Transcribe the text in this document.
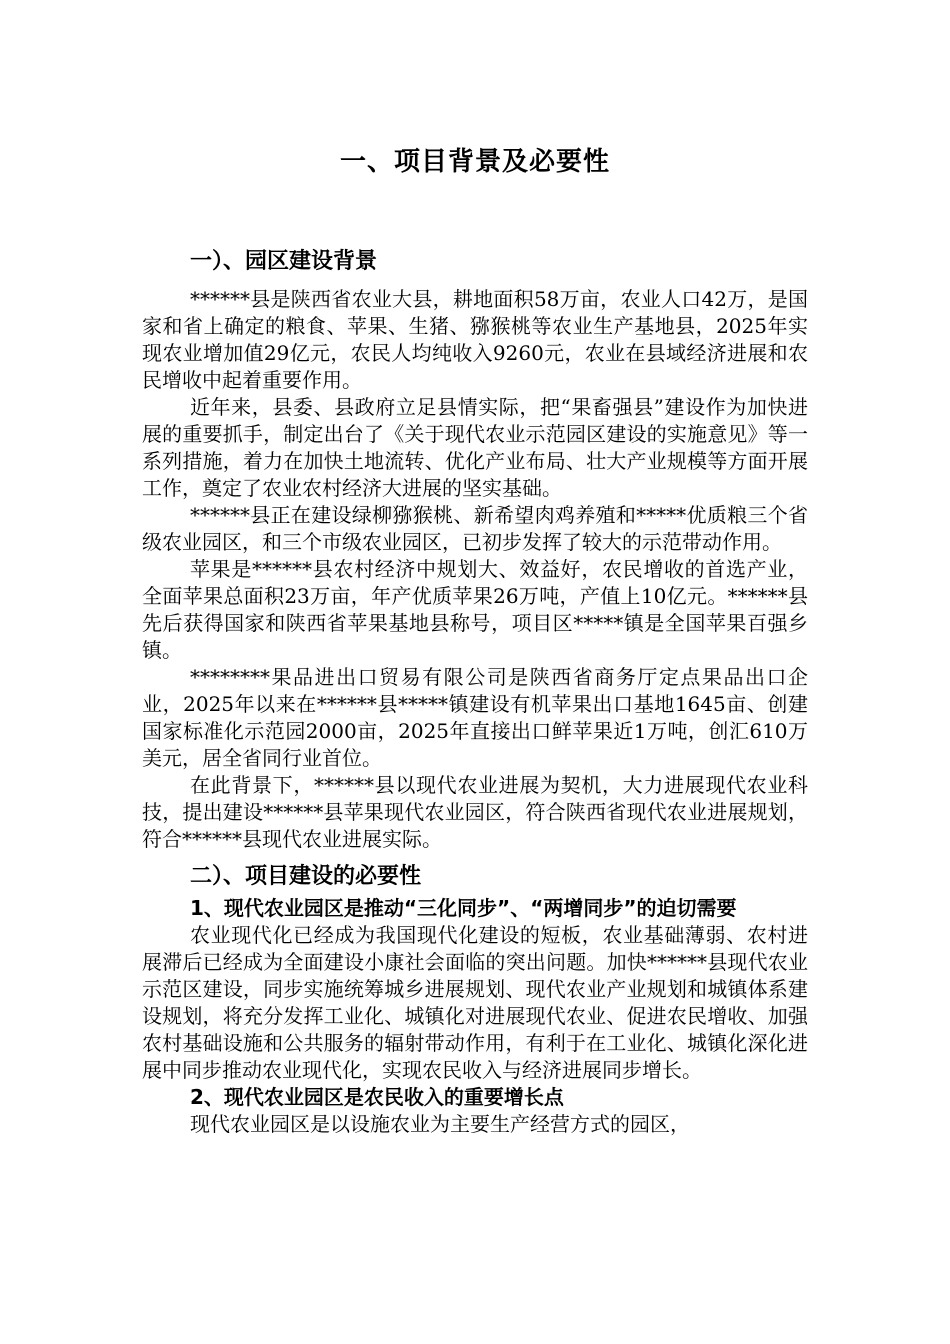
一、项目背景及必要性
一）、园区建设背景

******县是陕西省农业大县，耕地面积58万亩，农业人口42万，是国家和省上确定的粮食、苹果、生猪、猕猴桃等农业生产基地县，2025年实现农业增加值29亿元，农民人均纯收入9260元，农业在县域经济进展和农民增收中起着重要作用。

近年来，县委、县政府立足县情实际，把“果畜强县”建设作为加快进展的重要抓手，制定出台了《关于现代农业示范园区建设的实施意见》等一系列措施，着力在加快土地流转、优化产业布局、壮大产业规模等方面开展工作，奠定了农业农村经济大进展的坚实基础。

******县正在建设绿柳猕猴桃、新希望肉鸡养殖和*****优质粮三个省级农业园区，和三个市级农业园区，已初步发挥了较大的示范带动作用。

苹果是******县农村经济中规划大、效益好，农民增收的首选产业，全面苹果总面积23万亩，年产优质苹果26万吨，产值上10亿元。******县先后获得国家和陕西省苹果基地县称号，项目区*****镇是全国苹果百强乡镇。

********果品进出口贸易有限公司是陕西省商务厅定点果品出口企业，2025年以来在******县*****镇建设有机苹果出口基地1645亩、创建国家标准化示范园2000亩，2025年直接出口鲜苹果近1万吨，创汇610万美元，居全省同行业首位。

在此背景下，******县以现代农业进展为契机，大力进展现代农业科技，提出建设******县苹果现代农业园区，符合陕西省现代农业进展规划，符合******县现代农业进展实际。

二）、项目建设的必要性

1、现代农业园区是推动“三化同步”、“两增同步”的迫切需要

农业现代化已经成为我国现代化建设的短板，农业基础薄弱、农村进展滞后已经成为全面建设小康社会面临的突出问题。加快******县现代农业示范区建设，同步实施统筹城乡进展规划、现代农业产业规划和城镇体系建设规划，将充分发挥工业化、城镇化对进展现代农业、促进农民增收、加强农村基础设施和公共服务的辐射带动作用，有利于在工业化、城镇化深化进展中同步推动农业现代化，实现农民收入与经济进展同步增长。

2、现代农业园区是农民收入的重要增长点

现代农业园区是以设施农业为主要生产经营方式的园区，
